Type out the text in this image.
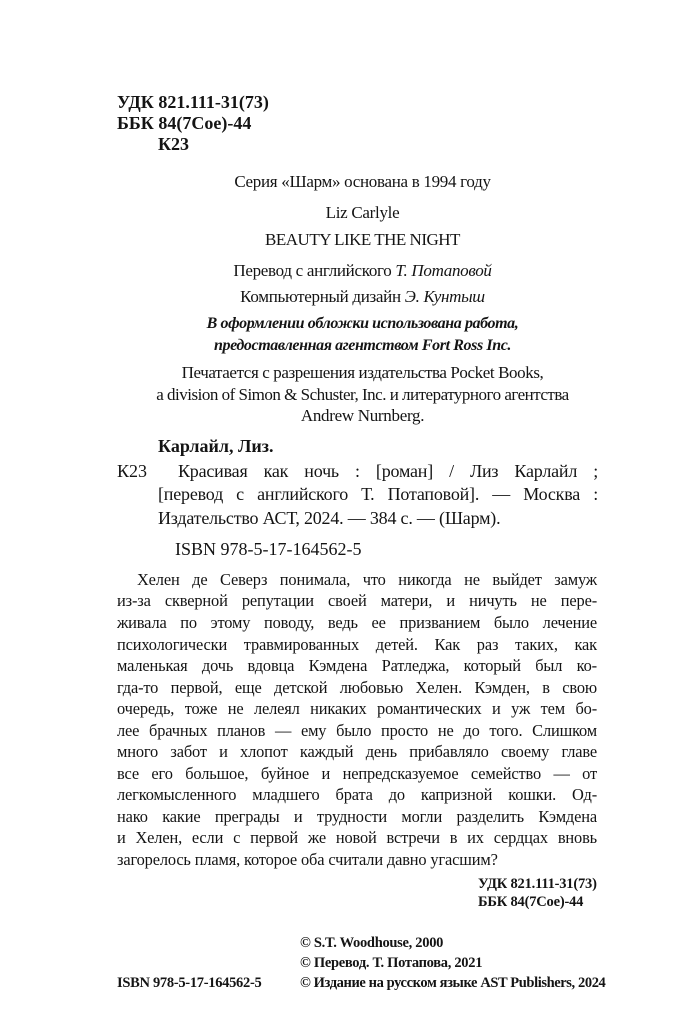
УДК 821.111-31(73)
ББК 84(7Сое)-44
К23
Серия «Шарм» основана в 1994 году
Liz Carlyle
BEAUTY LIKE THE NIGHT
Перевод с английского Т. Потаповой
Компьютерный дизайн Э. Кунтыш
В оформлении обложки использована работа,
предоставленная агентством Fort Ross Inc.
Печатается с разрешения издательства Pocket Books,
a division of Simon & Schuster, Inc. и литературного агентства
Andrew Nurnberg.
Карлайл, Лиз.
К23 Красивая как ночь : [роман] / Лиз Карлайл ;
[перевод с английского Т. Потаповой]. — Москва :
Издательство АСТ, 2024. — 384 с. — (Шарм).
ISBN 978-5-17-164562-5
Хелен де Северз понимала, что никогда не выйдет замуж
из-за скверной репутации своей матери, и ничуть не пере-
живала по этому поводу, ведь ее призванием было лечение
психологически травмированных детей. Как раз таких, как
маленькая дочь вдовца Кэмдена Ратледжа, который был ко-
гда-то первой, еще детской любовью Хелен. Кэмден, в свою
очередь, тоже не лелеял никаких романтических и уж тем бо-
лее брачных планов — ему было просто не до того. Слишком
много забот и хлопот каждый день прибавляло своему главе
все его большое, буйное и непредсказуемое семейство — от
легкомысленного младшего брата до капризной кошки. Од-
нако какие преграды и трудности могли разделить Кэмдена
и Хелен, если с первой же новой встречи в их сердцах вновь
загорелось пламя, которое оба считали давно угасшим?
УДК 821.111-31(73)
ББК 84(7Сое)-44
© S.T. Woodhouse, 2000
© Перевод. Т. Потапова, 2021
© Издание на русском языке AST Publishers, 2024
ISBN 978-5-17-164562-5
